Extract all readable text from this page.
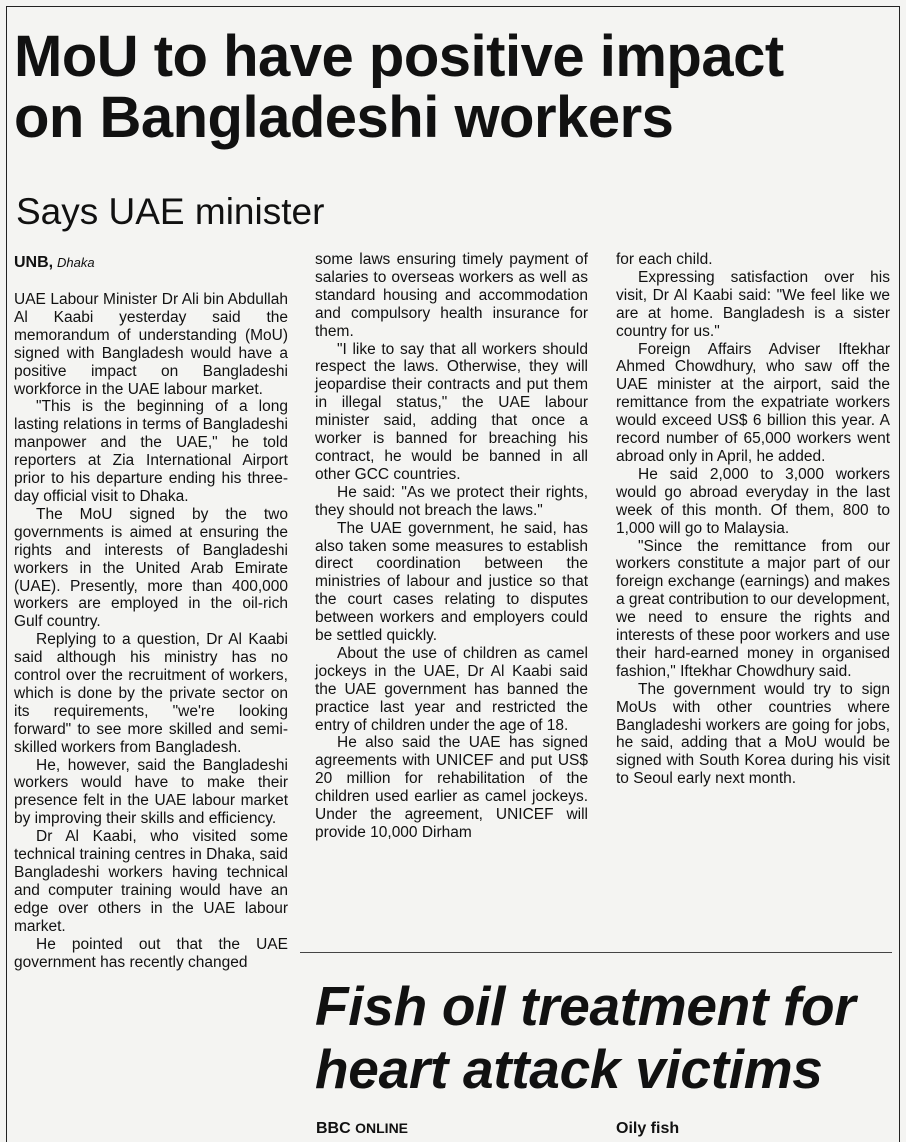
MoU to have positive impact
on Bangladeshi workers
Says UAE minister
UNB, Dhaka

UAE Labour Minister Dr Ali bin Abdullah Al Kaabi yesterday said the memorandum of understanding (MoU) signed with Bangladesh would have a positive impact on Bangladeshi workforce in the UAE labour market.

"This is the beginning of a long lasting relations in terms of Bangladeshi manpower and the UAE," he told reporters at Zia International Airport prior to his departure ending his three-day official visit to Dhaka.

The MoU signed by the two governments is aimed at ensuring the rights and interests of Bangladeshi workers in the United Arab Emirate (UAE). Presently, more than 400,000 workers are employed in the oil-rich Gulf country.

Replying to a question, Dr Al Kaabi said although his ministry has no control over the recruitment of workers, which is done by the private sector on its requirements, "we're looking forward" to see more skilled and semi-skilled workers from Bangladesh.

He, however, said the Bangladeshi workers would have to make their presence felt in the UAE labour market by improving their skills and efficiency.

Dr Al Kaabi, who visited some technical training centres in Dhaka, said Bangladeshi workers having technical and computer training would have an edge over others in the UAE labour market.

He pointed out that the UAE government has recently changed

some laws ensuring timely payment of salaries to overseas workers as well as standard housing and accommodation and compulsory health insurance for them.

"I like to say that all workers should respect the laws. Otherwise, they will jeopardise their contracts and put them in illegal status," the UAE labour minister said, adding that once a worker is banned for breaching his contract, he would be banned in all other GCC countries.

He said: "As we protect their rights, they should not breach the laws."

The UAE government, he said, has also taken some measures to establish direct coordination between the ministries of labour and justice so that the court cases relating to disputes between workers and employers could be settled quickly.

About the use of children as camel jockeys in the UAE, Dr Al Kaabi said the UAE government has banned the practice last year and restricted the entry of children under the age of 18.

He also said the UAE has signed agreements with UNICEF and put US$ 20 million for rehabilitation of the children used earlier as camel jockeys. Under the agreement, UNICEF will provide 10,000 Dirham

for each child.

Expressing satisfaction over his visit, Dr Al Kaabi said: "We feel like we are at home. Bangladesh is a sister country for us."

Foreign Affairs Adviser Iftekhar Ahmed Chowdhury, who saw off the UAE minister at the airport, said the remittance from the expatriate workers would exceed US$ 6 billion this year. A record number of 65,000 workers went abroad only in April, he added.

He said 2,000 to 3,000 workers would go abroad everyday in the last week of this month. Of them, 800 to 1,000 will go to Malaysia.

"Since the remittance from our workers constitute a major part of our foreign exchange (earnings) and makes a great contribution to our development, we need to ensure the rights and interests of these poor workers and use their hard-earned money in organised fashion," Iftekhar Chowdhury said.

The government would try to sign MoUs with other countries where Bangladeshi workers are going for jobs, he said, adding that a MoU would be signed with South Korea during his visit to Seoul early next month.

Fish oil treatment for
heart attack victims
BBC ONLINE	Oily fish
